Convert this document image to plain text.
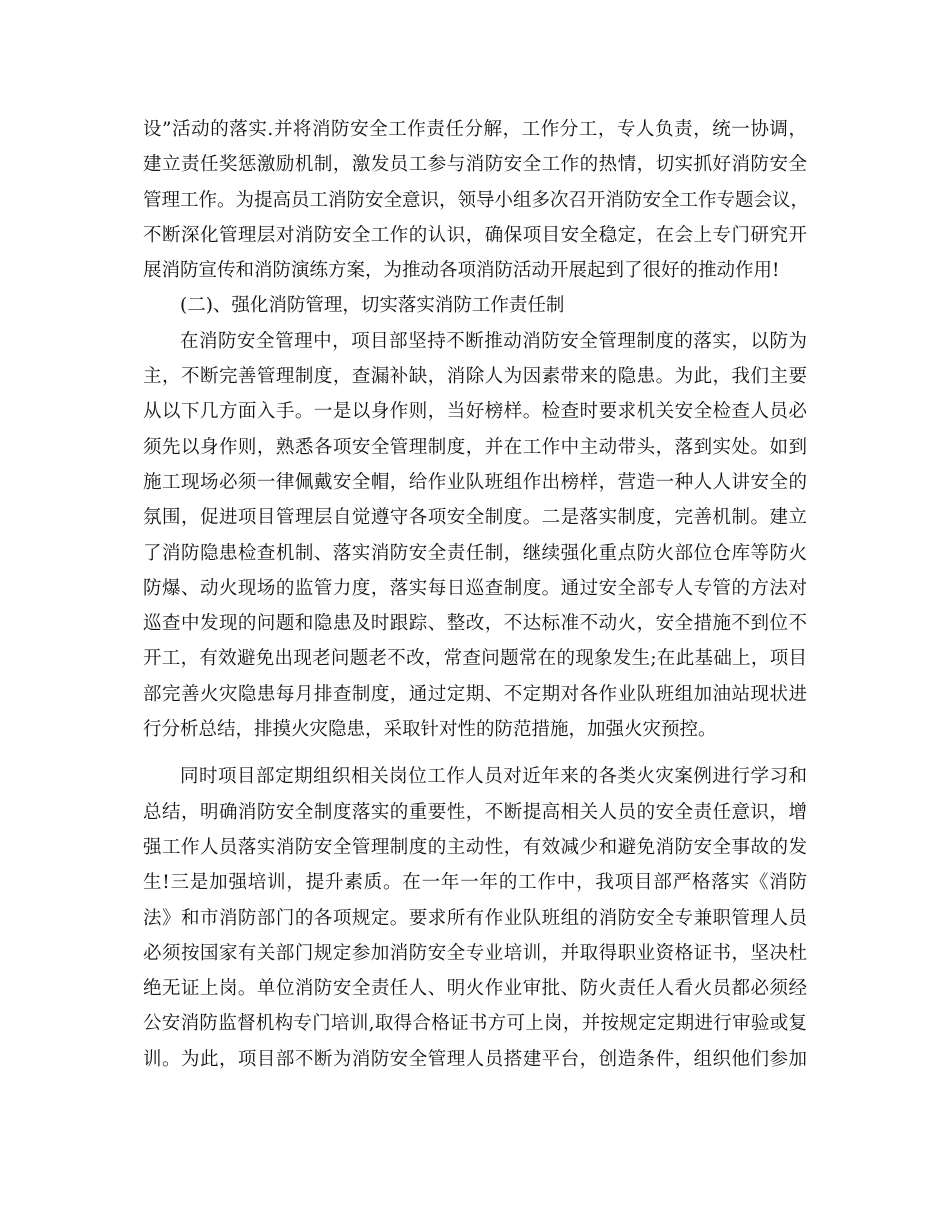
设”活动的落实.并将消防安全工作责任分解，工作分工，专人负责，统一协调，
建立责任奖惩激励机制，激发员工参与消防安全工作的热情，切实抓好消防安全
管理工作。为提高员工消防安全意识，领导小组多次召开消防安全工作专题会议，
不断深化管理层对消防安全工作的认识，确保项目安全稳定，在会上专门研究开
展消防宣传和消防演练方案，为推动各项消防活动开展起到了很好的推动作用!
(二)、强化消防管理，切实落实消防工作责任制
在消防安全管理中，项目部坚持不断推动消防安全管理制度的落实，以防为
主，不断完善管理制度，查漏补缺，消除人为因素带来的隐患。为此，我们主要
从以下几方面入手。一是以身作则，当好榜样。检查时要求机关安全检查人员必
须先以身作则，熟悉各项安全管理制度，并在工作中主动带头，落到实处。如到
施工现场必须一律佩戴安全帽，给作业队班组作出榜样，营造一种人人讲安全的
氛围，促进项目管理层自觉遵守各项安全制度。二是落实制度，完善机制。建立
了消防隐患检查机制、落实消防安全责任制，继续强化重点防火部位仓库等防火
防爆、动火现场的监管力度，落实每日巡查制度。通过安全部专人专管的方法对
巡查中发现的问题和隐患及时跟踪、整改，不达标准不动火，安全措施不到位不
开工，有效避免出现老问题老不改，常查问题常在的现象发生;在此基础上，项目
部完善火灾隐患每月排查制度，通过定期、不定期对各作业队班组加油站现状进
行分析总结，排摸火灾隐患，采取针对性的防范措施，加强火灾预控。
同时项目部定期组织相关岗位工作人员对近年来的各类火灾案例进行学习和
总结，明确消防安全制度落实的重要性，不断提高相关人员的安全责任意识，增
强工作人员落实消防安全管理制度的主动性，有效减少和避免消防安全事故的发
生!三是加强培训，提升素质。在一年一年的工作中，我项目部严格落实《消防
法》和市消防部门的各项规定。要求所有作业队班组的消防安全专兼职管理人员
必须按国家有关部门规定参加消防安全专业培训，并取得职业资格证书，坚决杜
绝无证上岗。单位消防安全责任人、明火作业审批、防火责任人看火员都必须经
公安消防监督机构专门培训,取得合格证书方可上岗，并按规定定期进行审验或复
训。为此，项目部不断为消防安全管理人员搭建平台，创造条件，组织他们参加
